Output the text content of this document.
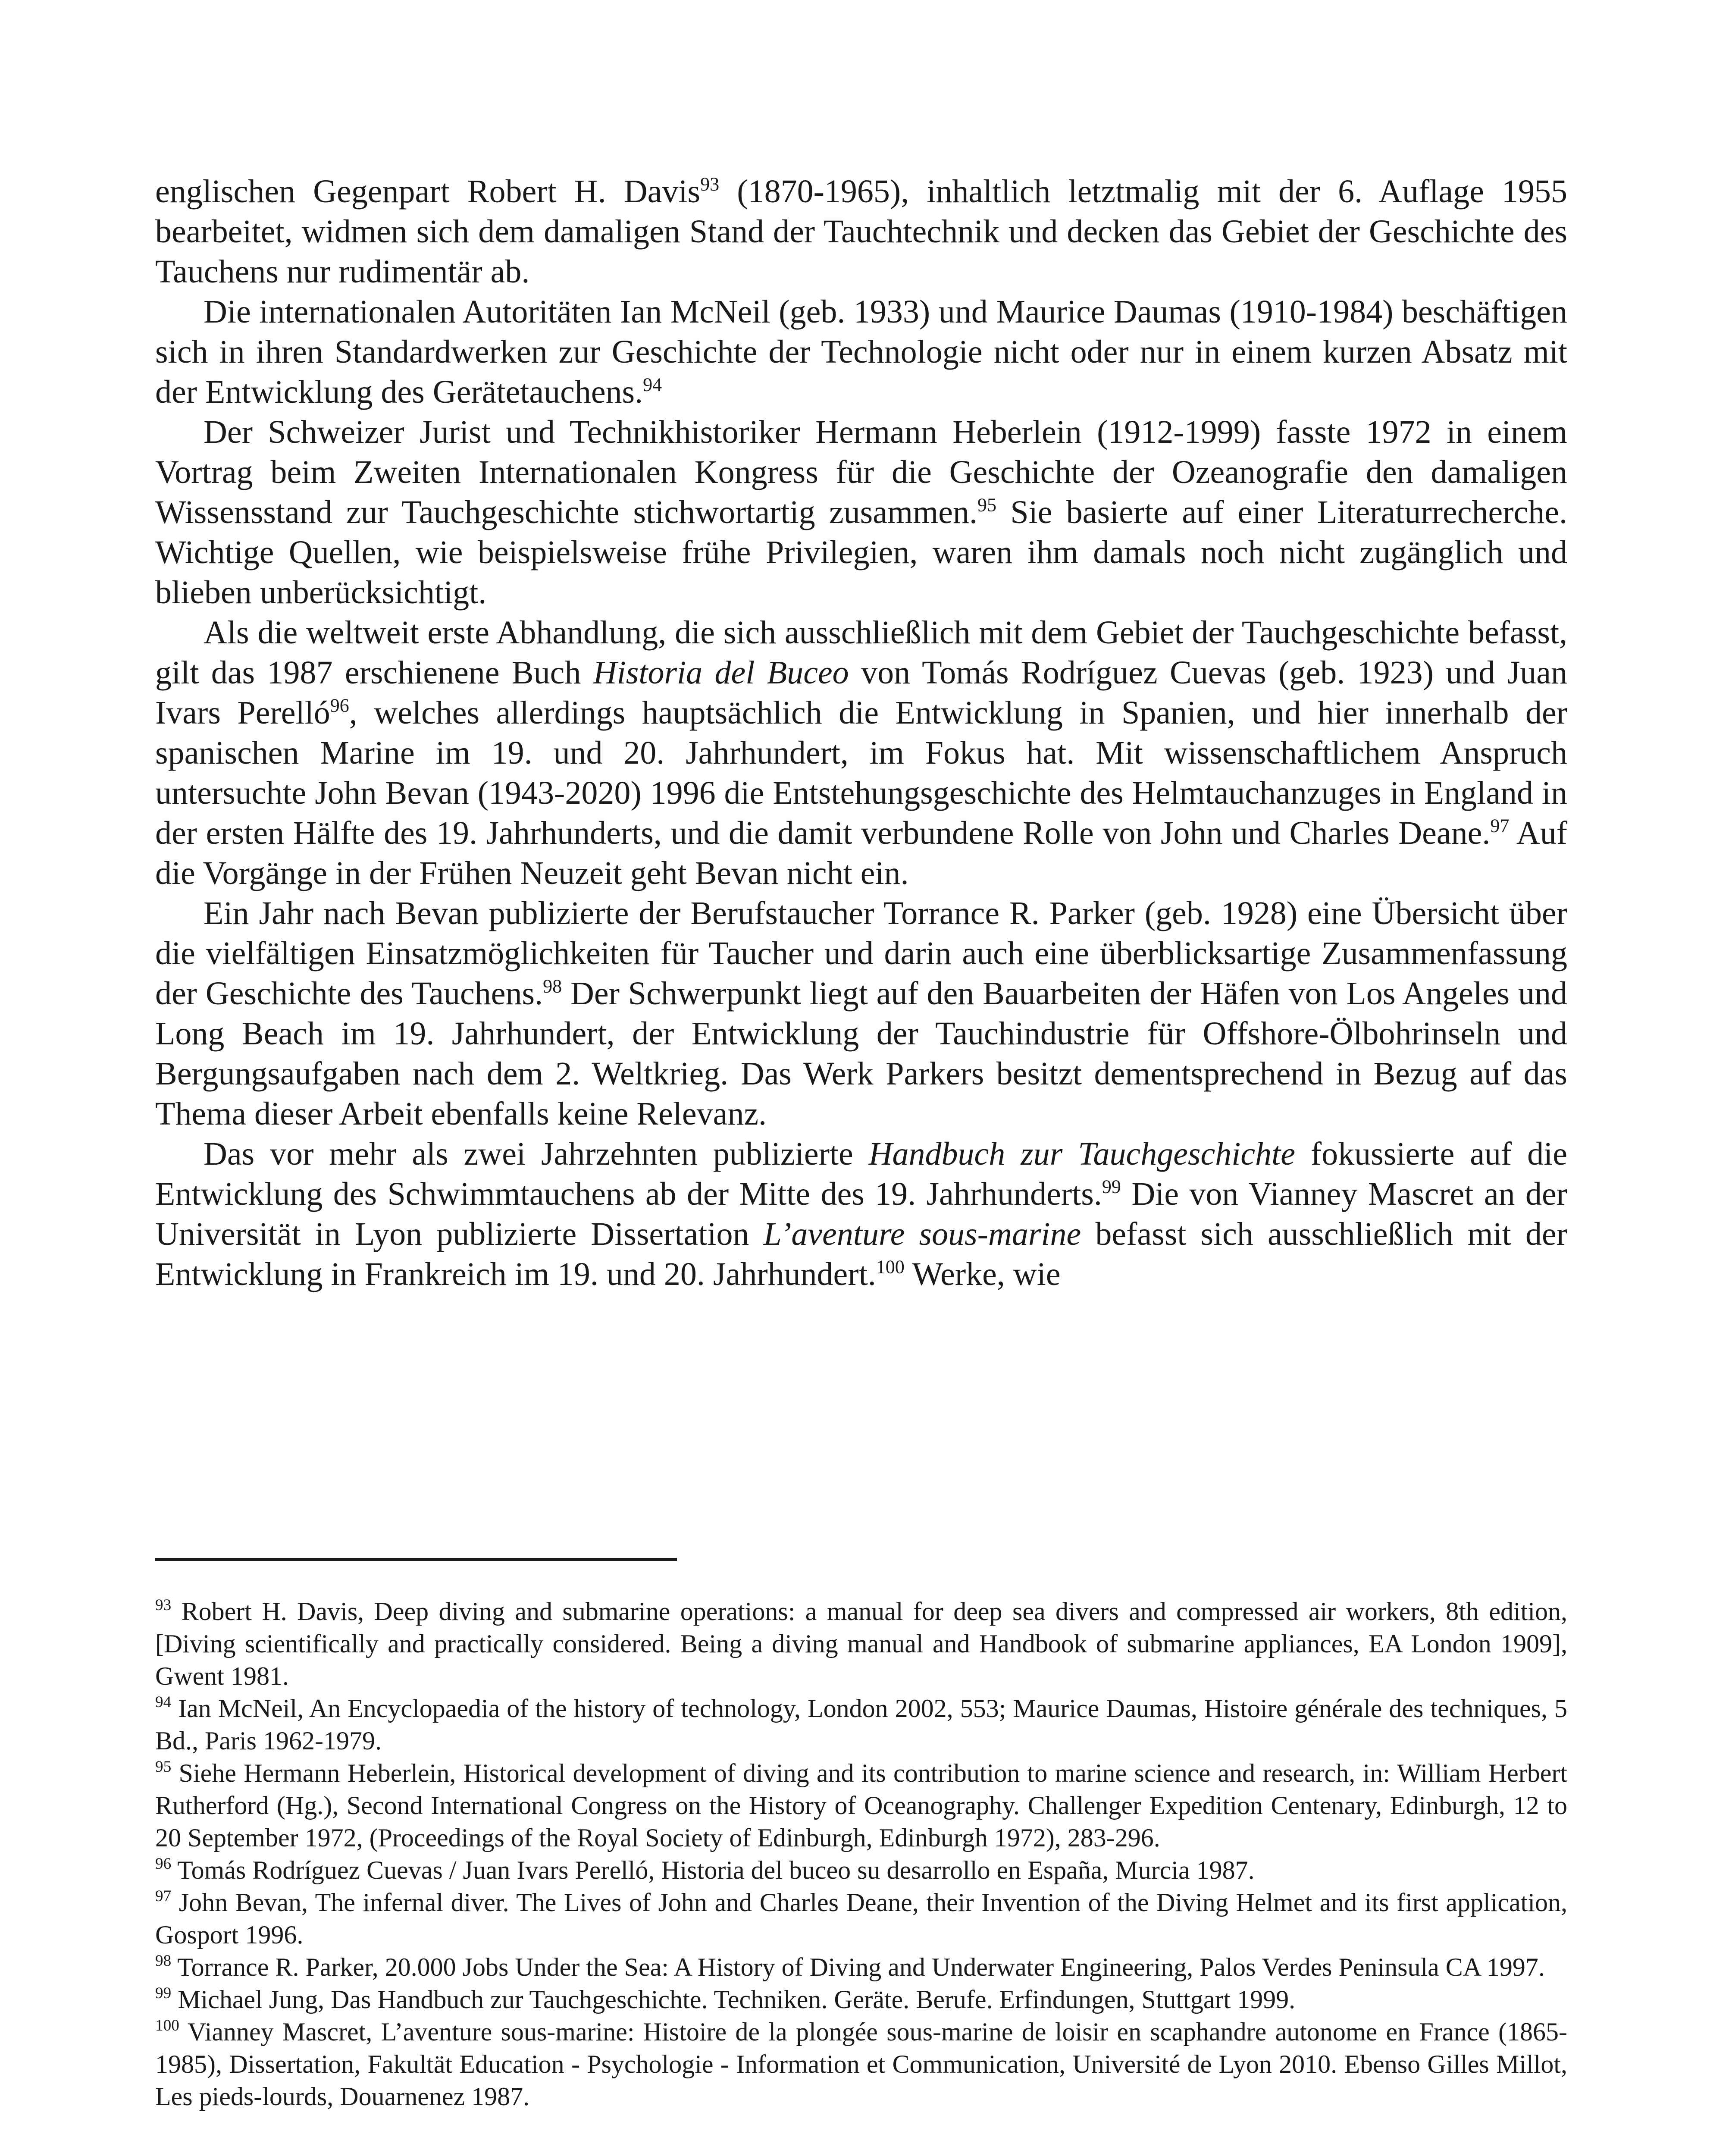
englischen Gegenpart Robert H. Davis$^{93}$ (1870-1965), inhaltlich letztmalig mit der 6. Auflage 1955 bearbeitet, widmen sich dem damaligen Stand der Tauchtechnik und decken das Gebiet der Geschichte des Tauchens nur rudimentär ab.

Die internationalen Autoritäten Ian McNeil (geb. 1933) und Maurice Daumas (1910-1984) beschäftigen sich in ihren Standardwerken zur Geschichte der Technologie nicht oder nur in einem kurzen Absatz mit der Entwicklung des Gerätetauchens.$^{94}$

Der Schweizer Jurist und Technikhistoriker Hermann Heberlein (1912-1999) fasste 1972 in einem Vortrag beim Zweiten Internationalen Kongress für die Geschichte der Ozeanografie den damaligen Wissensstand zur Tauchgeschichte stichwortartig zusammen.$^{95}$ Sie basierte auf einer Literaturrecherche. Wichtige Quellen, wie beispielsweise frühe Privilegien, waren ihm damals noch nicht zugänglich und blieben unberücksichtigt.

Als die weltweit erste Abhandlung, die sich ausschließlich mit dem Gebiet der Tauchgeschichte befasst, gilt das 1987 erschienene Buch Historia del Buceo von Tomás Rodríguez Cuevas (geb. 1923) und Juan Ivars Perelló$^{96}$, welches allerdings hauptsächlich die Entwicklung in Spanien, und hier innerhalb der spanischen Marine im 19. und 20. Jahrhundert, im Fokus hat. Mit wissenschaftlichem Anspruch untersuchte John Bevan (1943-2020) 1996 die Entstehungsgeschichte des Helmtauchanzuges in England in der ersten Hälfte des 19. Jahrhunderts, und die damit verbundene Rolle von John und Charles Deane.$^{97}$ Auf die Vorgänge in der Frühen Neuzeit geht Bevan nicht ein.

Ein Jahr nach Bevan publizierte der Berufstaucher Torrance R. Parker (geb. 1928) eine Übersicht über die vielfältigen Einsatzmöglichkeiten für Taucher und darin auch eine überblicksartige Zusammenfassung der Geschichte des Tauchens.$^{98}$ Der Schwerpunkt liegt auf den Bauarbeiten der Häfen von Los Angeles und Long Beach im 19. Jahrhundert, der Entwicklung der Tauchindustrie für Offshore-Ölbohrinseln und Bergungsaufgaben nach dem 2. Weltkrieg. Das Werk Parkers besitzt dementsprechend in Bezug auf das Thema dieser Arbeit ebenfalls keine Relevanz.

Das vor mehr als zwei Jahrzehnten publizierte Handbuch zur Tauchgeschichte fokussierte auf die Entwicklung des Schwimmtauchens ab der Mitte des 19. Jahrhunderts.$^{99}$ Die von Vianney Mascret an der Universität in Lyon publizierte Dissertation L’aventure sous-marine befasst sich ausschließlich mit der Entwicklung in Frankreich im 19. und 20. Jahrhundert.$^{100}$ Werke, wie

$^{93}$ Robert H. Davis, Deep diving and submarine operations: a manual for deep sea divers and compressed air workers, 8th edition, [Diving scientifically and practically considered. Being a diving manual and Handbook of submarine appliances, EA London 1909], Gwent 1981.

$^{94}$ Ian McNeil, An Encyclopaedia of the history of technology, London 2002, 553; Maurice Daumas, Histoire générale des techniques, 5 Bd., Paris 1962-1979.

$^{95}$ Siehe Hermann Heberlein, Historical development of diving and its contribution to marine science and research, in: William Herbert Rutherford (Hg.), Second International Congress on the History of Oceanography. Challenger Expedition Centenary, Edinburgh, 12 to 20 September 1972, (Proceedings of the Royal Society of Edinburgh, Edinburgh 1972), 283-296.

$^{96}$ Tomás Rodríguez Cuevas / Juan Ivars Perelló, Historia del buceo su desarrollo en España, Murcia 1987.

$^{97}$ John Bevan, The infernal diver. The Lives of John and Charles Deane, their Invention of the Diving Helmet and its first application, Gosport 1996.

$^{98}$ Torrance R. Parker, 20.000 Jobs Under the Sea: A History of Diving and Underwater Engineering, Palos Verdes Peninsula CA 1997.

$^{99}$ Michael Jung, Das Handbuch zur Tauchgeschichte. Techniken. Geräte. Berufe. Erfindungen, Stuttgart 1999.

$^{100}$ Vianney Mascret, L’aventure sous-marine: Histoire de la plongée sous-marine de loisir en scaphandre autonome en France (1865-1985), Dissertation, Fakultät Education - Psychologie - Information et Communication, Université de Lyon 2010. Ebenso Gilles Millot, Les pieds-lourds, Douarnenez 1987.
